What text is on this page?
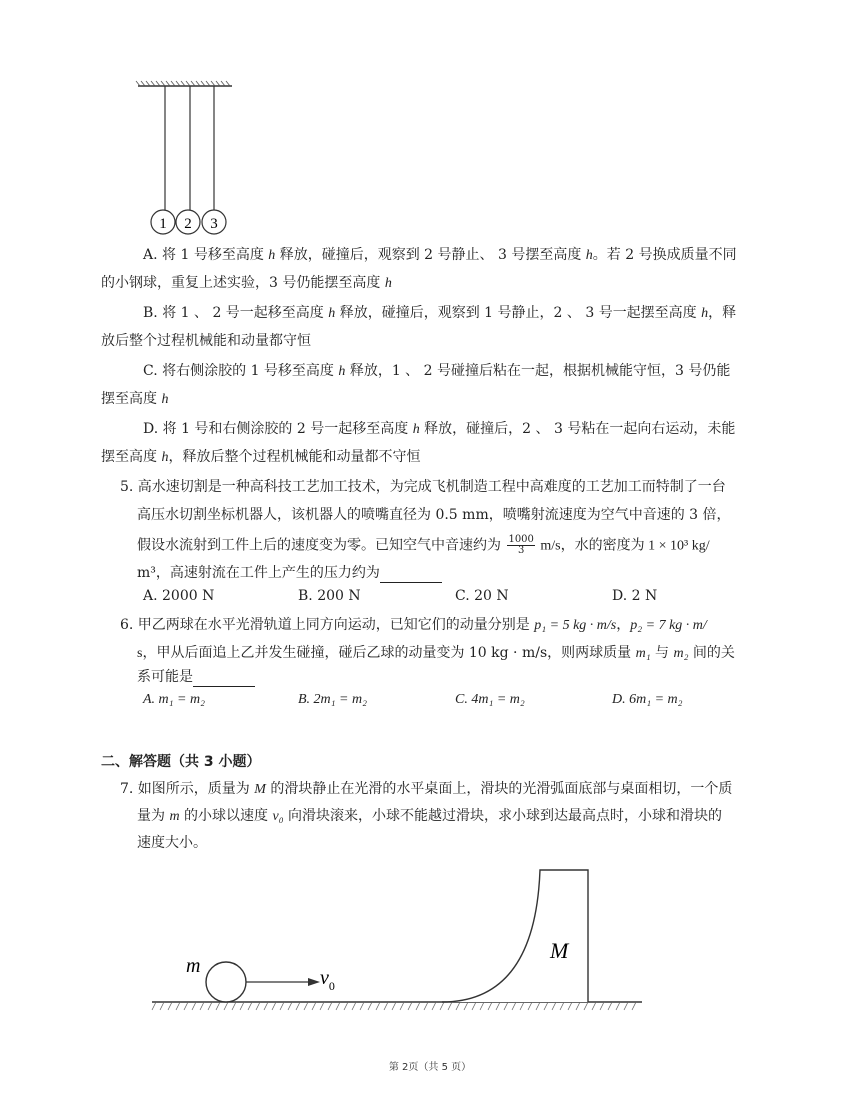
1 2 3
A. 将 1 号移至高度 h 释放，碰撞后，观察到 2 号静止、 3 号摆至高度 h。若 2 号换成质量不同
的小钢球，重复上述实验，3 号仍能摆至高度 h
B. 将 1 、 2 号一起移至高度 h 释放，碰撞后，观察到 1 号静止，2 、 3 号一起摆至高度 h，释
放后整个过程机械能和动量都守恒
C. 将右侧涂胶的 1 号移至高度 h 释放，1 、 2 号碰撞后粘在一起，根据机械能守恒，3 号仍能
摆至高度 h
D. 将 1 号和右侧涂胶的 2 号一起移至高度 h 释放，碰撞后，2 、 3 号粘在一起向右运动，未能
摆至高度 h，释放后整个过程机械能和动量都不守恒
5. 高水速切割是一种高科技工艺加工技术，为完成飞机制造工程中高难度的工艺加工而特制了一台
高压水切割坐标机器人，该机器人的喷嘴直径为 0.5 mm，喷嘴射流速度为空气中音速的 3 倍，
假设水流射到工件上后的速度变为零。已知空气中音速约为 $\frac{1000}{3} m/s$，水的密度为 1 × 10³ kg/
m³，高速射流在工件上产生的压力约为
A. 2000 N	B. 200 N	C. 20 N	D. 2 N
6. 甲乙两球在水平光滑轨道上同方向运动，已知它们的动量分别是 p₁ = 5 kg · m/s，p₂ = 7 kg · m/
s，甲从后面追上乙并发生碰撞，碰后乙球的动量变为 10 kg · m/s，则两球质量 m₁ 与 m₂ 间的关
系可能是
A. m₁ = m₂	B. 2m₁ = m₂	C. 4m₁ = m₂	D. 6m₁ = m₂
二、解答题（共 3 小题）
7. 如图所示，质量为 M 的滑块静止在光滑的水平桌面上，滑块的光滑弧面底部与桌面相切，一个质
量为 m 的小球以速度 v₀ 向滑块滚来，小球不能越过滑块，求小球到达最高点时，小球和滑块的
速度大小。
m
$v_0$
M
第 2页（共 5 页）
